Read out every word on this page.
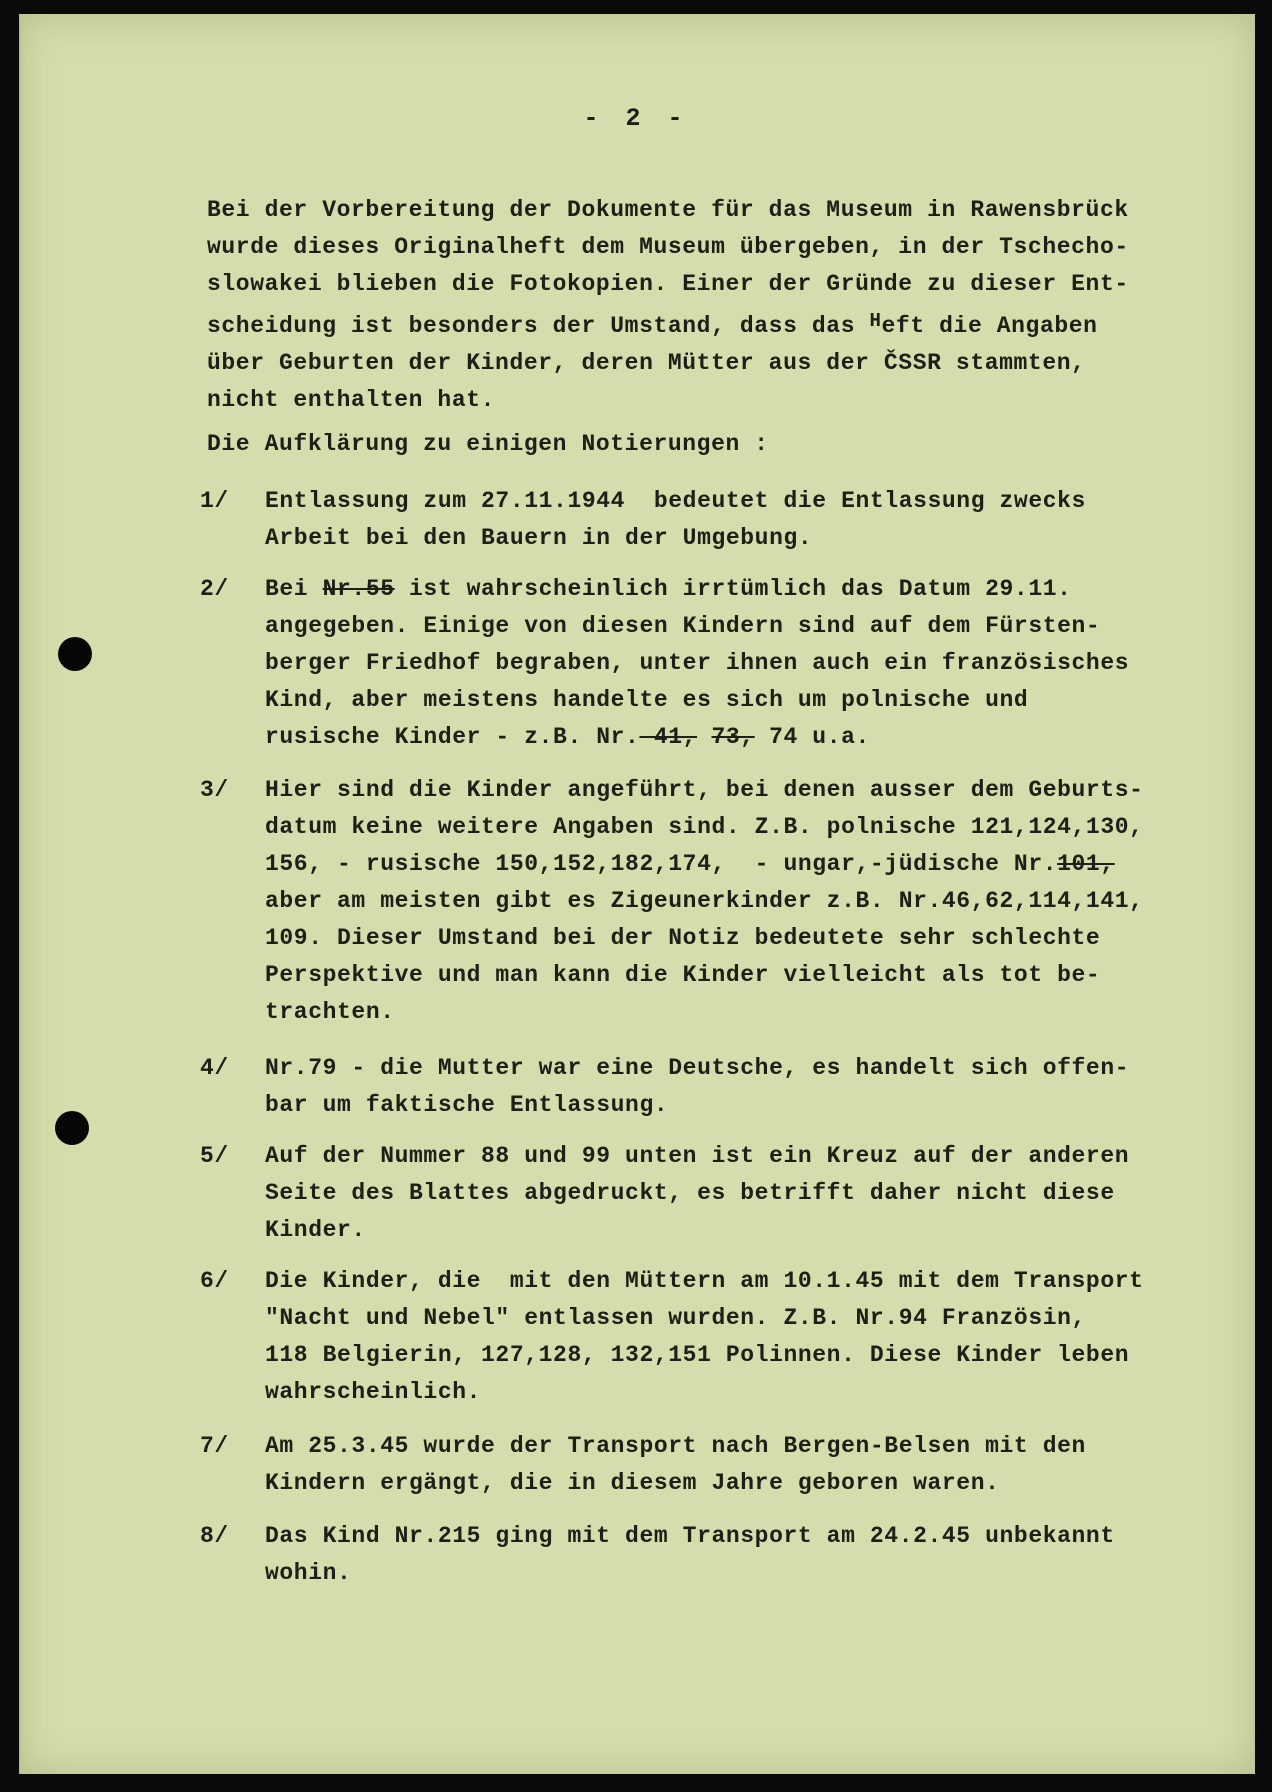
- 2 -
Bei der Vorbereitung der Dokumente für das Museum in Rawensbrück
wurde dieses Originalheft dem Museum übergeben, in der Tschecho-
slowakei blieben die Fotokopien. Einer der Gründe zu dieser Ent-
scheidung ist besonders der Umstand, dass das $^H$eft die Angaben
über Geburten der Kinder, deren Mütter aus der ČSSR stammten,
nicht enthalten hat.
Die Aufklärung zu einigen Notierungen :
1/	Entlassung zum 27.11.1944  bedeutet die Entlassung zwecks
Arbeit bei den Bauern in der Umgebung.
2/	Bei Nr.55 ist wahrscheinlich irrtümlich das Datum 29.11.
angegeben. Einige von diesen Kindern sind auf dem Fürsten-
berger Friedhof begraben, unter ihnen auch ein französisches
Kind, aber meistens handelte es sich um polnische und
rusische Kinder - z.B. Nr. 41, 73, 74 u.a.
3/	Hier sind die Kinder angeführt, bei denen ausser dem Geburts-
datum keine weitere Angaben sind. Z.B. polnische 121,124,130,
156, - rusische 150,152,182,174,  - ungar,-jüdische Nr.101,
aber am meisten gibt es Zigeunerkinder z.B. Nr.46,62,114,141,
109. Dieser Umstand bei der Notiz bedeutete sehr schlechte
Perspektive und man kann die Kinder vielleicht als tot be-
trachten.
4/	Nr.79 - die Mutter war eine Deutsche, es handelt sich offen-
bar um faktische Entlassung.
5/	Auf der Nummer 88 und 99 unten ist ein Kreuz auf der anderen
Seite des Blattes abgedruckt, es betrifft daher nicht diese
Kinder.
6/	Die Kinder, die  mit den Müttern am 10.1.45 mit dem Transport
"Nacht und Nebel" entlassen wurden. Z.B. Nr.94 Französin,
118 Belgierin, 127,128, 132,151 Polinnen. Diese Kinder leben
wahrscheinlich.
7/	Am 25.3.45 wurde der Transport nach Bergen-Belsen mit den
Kindern ergängt, die in diesem Jahre geboren waren.
8/	Das Kind Nr.215 ging mit dem Transport am 24.2.45 unbekannt
wohin.
